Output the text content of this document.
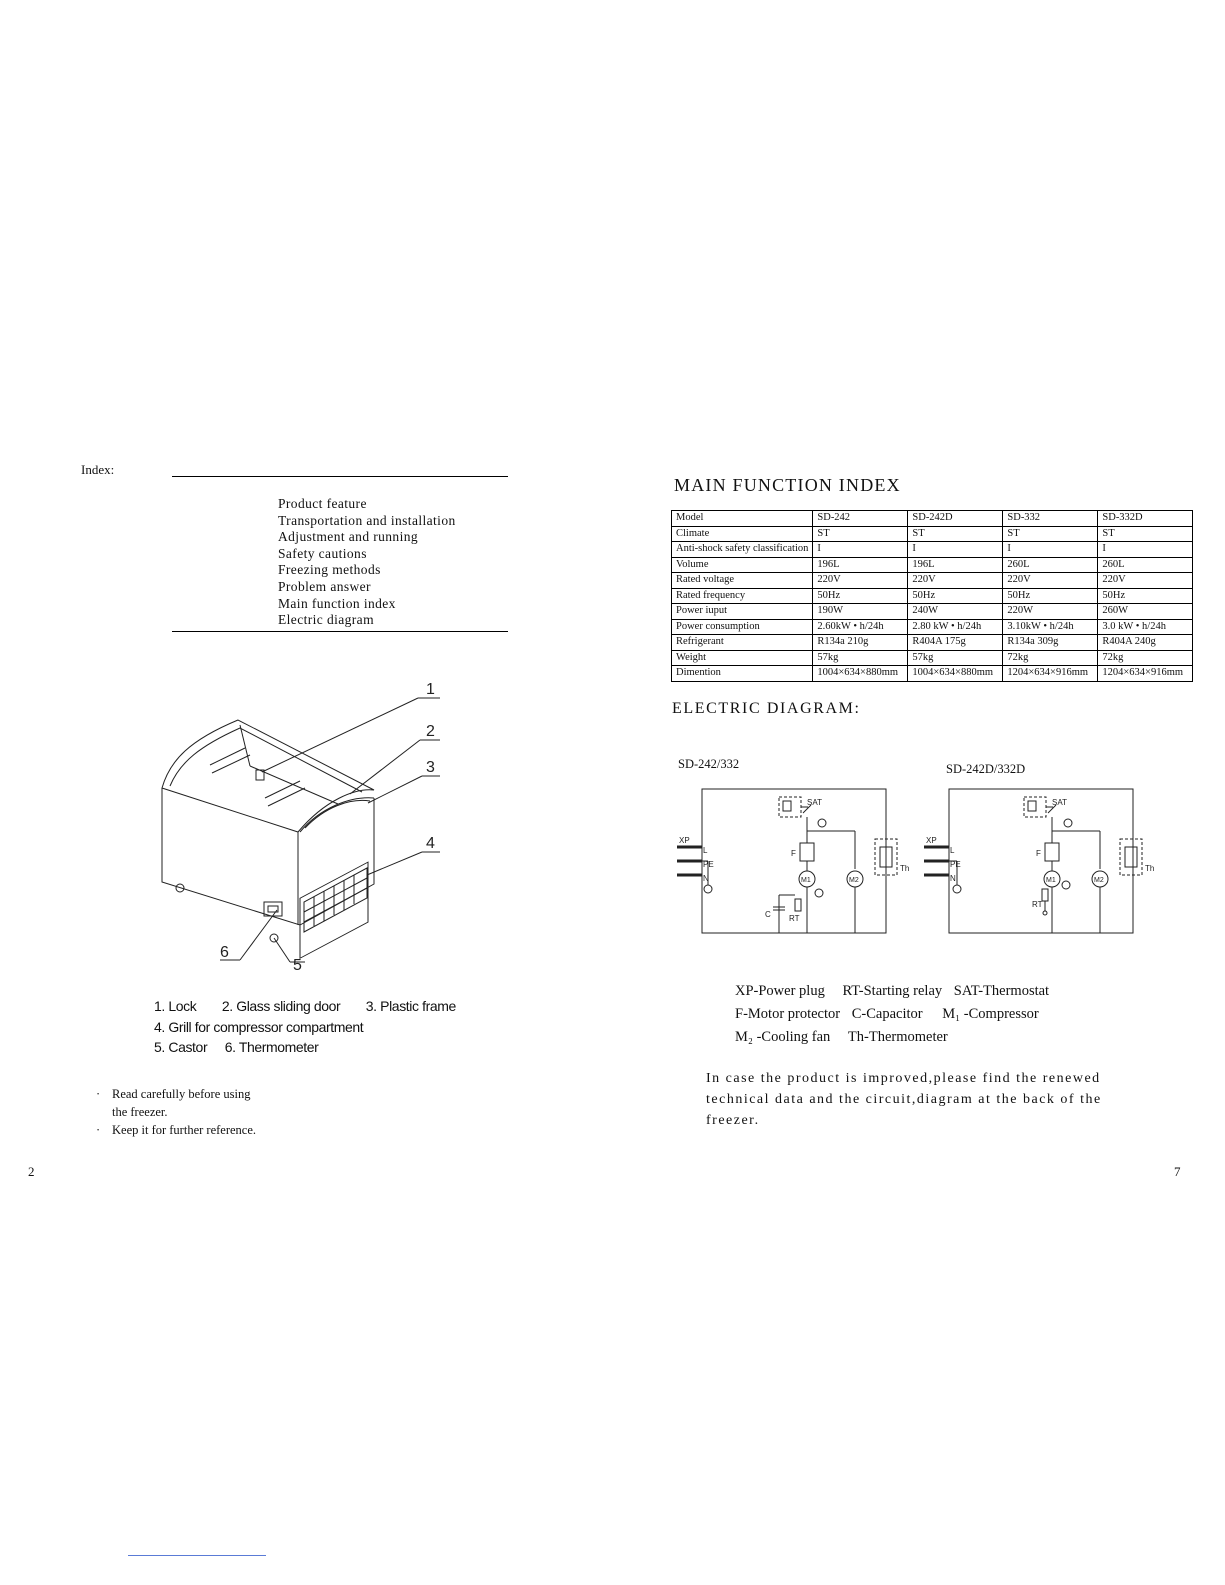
Index:
Product feature
Transportation and installation
Adjustment and running
Safety cautions
Freezing methods
Problem answer
Main function index
Electric diagram
1
2
3
4
5
6
1. Lock 2. Glass sliding door 3. Plastic frame
4. Grill for compressor compartment
5. Castor 6. Thermometer
· Read carefully before using
the freezer.
· Keep it for further reference.
2
MAIN FUNCTION INDEX
Model	SD-242	SD-242D	SD-332	SD-332D
Climate	ST	ST	ST	ST
Anti-shock safety classification	I	I	I	I
Volume	196L	196L	260L	260L
Rated voltage	220V	220V	220V	220V
Rated frequency	50Hz	50Hz	50Hz	50Hz
Power iuput	190W	240W	220W	260W
Power consumption	2.60kW • h/24h	2.80 kW • h/24h	3.10kW • h/24h	3.0 kW • h/24h
Refrigerant	R134a 210g	R404A 175g	R134a 309g	R404A 240g
Weight	57kg	57kg	72kg	72kg
Dimention	1004×634×880mm	1004×634×880mm	1204×634×916mm	1204×634×916mm
ELECTRIC DIAGRAM:
SD-242/332	SD-242D/332D
XP
L
PE
N
SAT
F
M1	M2
C RT
Th
XP
L
PE
N
SAT
F
M1	M2
RT
Th
XP-Power plug RT-Starting relay SAT-Thermostat
F-Motor protector C-Capacitor M₁ -Compressor
M₂ -Cooling fan Th-Thermometer
In case the product is improved,please find the renewed technical data and the circuit,diagram at the back of the freezer.
7
